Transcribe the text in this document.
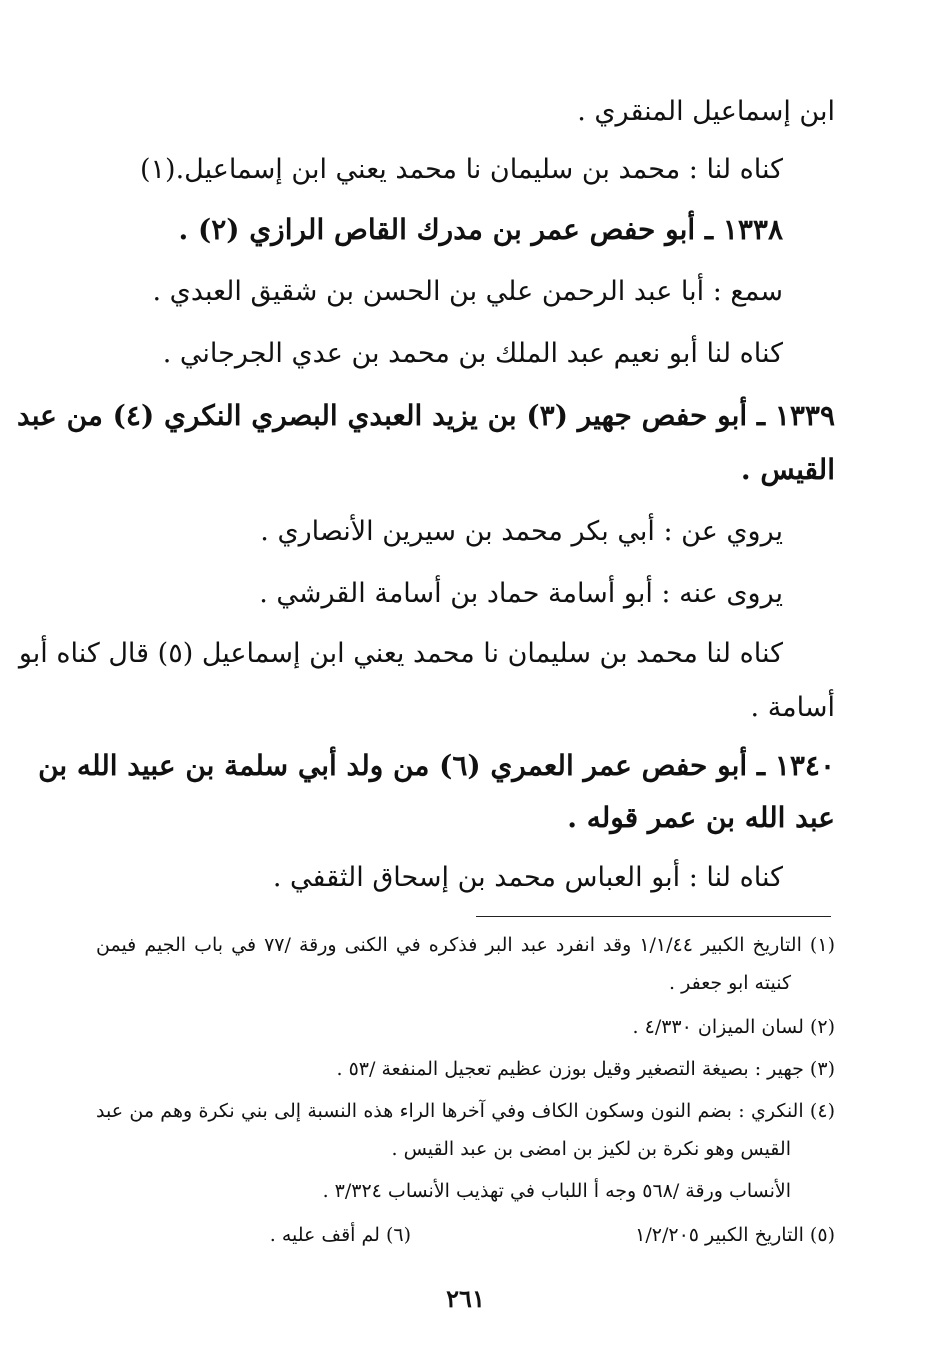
ابن إسماعيل المنقري .
كناه لنا : محمد بن سليمان نا محمد يعني ابن إسماعيل.(١)
١٣٣٨ ـ أبو حفص عمر بن مدرك القاص الرازي (٢) .
سمع : أبا عبد الرحمن علي بن الحسن بن شقيق العبدي .
كناه لنا أبو نعيم عبد الملك بن محمد بن عدي الجرجاني .
١٣٣٩ ـ أبو حفص جهير (٣) بن يزيد العبدي البصري النكري (٤) من عبد
القيس .
يروي عن : أبي بكر محمد بن سيرين الأنصاري .
يروى عنه : أبو أسامة حماد بن أسامة القرشي .
كناه لنا محمد بن سليمان نا محمد يعني ابن إسماعيل (٥) قال كناه أبو
أسامة .
١٣٤٠ ـ أبو حفص عمر العمري (٦) من ولد أبي سلمة بن عبيد الله بن
عبد الله بن عمر قوله .
كناه لنا : أبو العباس محمد بن إسحاق الثقفي .
(١) التاريخ الكبير ١/١/٤٤ وقد انفرد عبد البر فذكره في الكنى ورقة /٧٧ في باب الجيم فيمن
كنيته ابو جعفر .
(٢) لسان الميزان ٤/٣٣٠ .
(٣) جهير : بصيغة التصغير وقيل بوزن عظيم تعجيل المنفعة /٥٣ .
(٤) النكري : بضم النون وسكون الكاف وفي آخرها الراء هذه النسبة إلى بني نكرة وهم من عبد
القيس وهو نكرة بن لكيز بن امضى بن عبد القيس .
الأنساب ورقة /٥٦٨ وجه أ اللباب في تهذيب الأنساب ٣/٣٢٤ .
(٥) التاريخ الكبير ١/٢/٢٠٥
(٦) لم أقف عليه .
٢٦١
